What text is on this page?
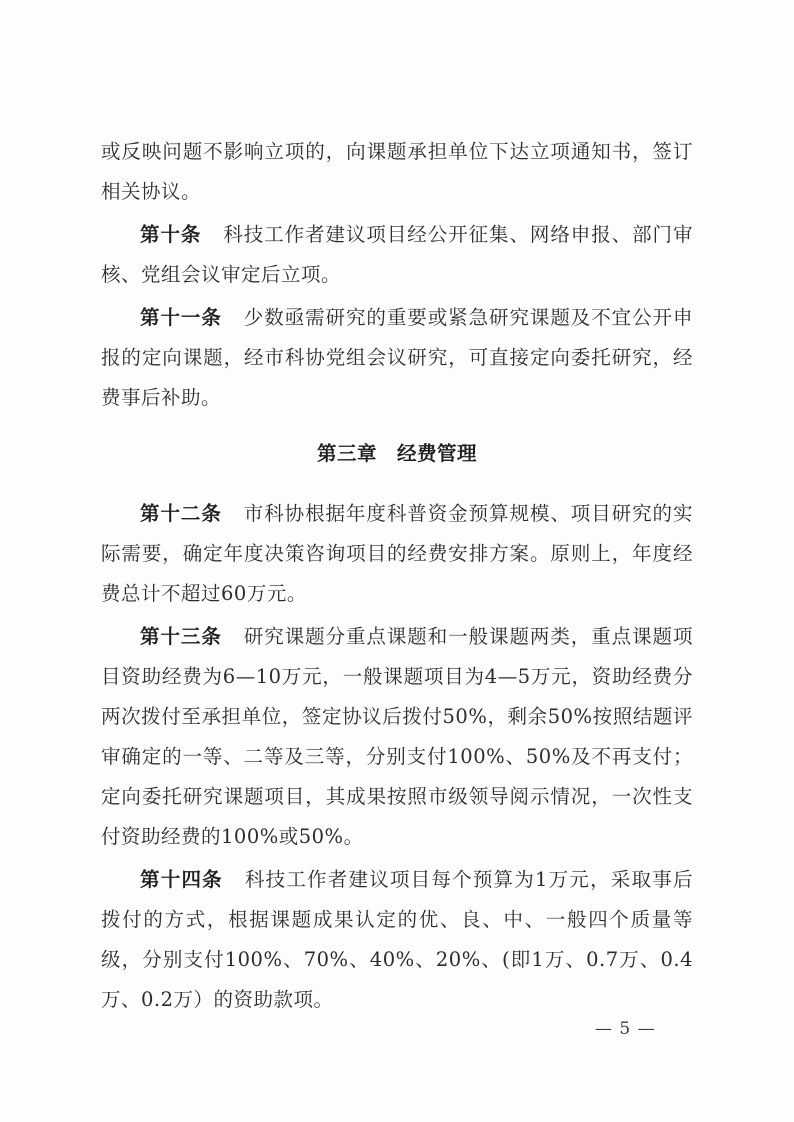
或反映问题不影响立项的，向课题承担单位下达立项通知书，签订相关协议。

第十条 科技工作者建议项目经公开征集、网络申报、部门审核、党组会议审定后立项。

第十一条 少数亟需研究的重要或紧急研究课题及不宜公开申报的定向课题，经市科协党组会议研究，可直接定向委托研究，经费事后补助。

第三章 经费管理

第十二条 市科协根据年度科普资金预算规模、项目研究的实际需要，确定年度决策咨询项目的经费安排方案。原则上，年度经费总计不超过60万元。

第十三条 研究课题分重点课题和一般课题两类，重点课题项目资助经费为6—10万元，一般课题项目为4—5万元，资助经费分两次拨付至承担单位，签定协议后拨付50%，剩余50%按照结题评审确定的一等、二等及三等，分别支付100%、50%及不再支付；定向委托研究课题项目，其成果按照市级领导阅示情况，一次性支付资助经费的100%或50%。

第十四条 科技工作者建议项目每个预算为1万元，采取事后拨付的方式，根据课题成果认定的优、良、中、一般四个质量等级，分别支付100%、70%、40%、20%、(即1万、0.7万、0.4万、0.2万）的资助款项。

— 5 —
